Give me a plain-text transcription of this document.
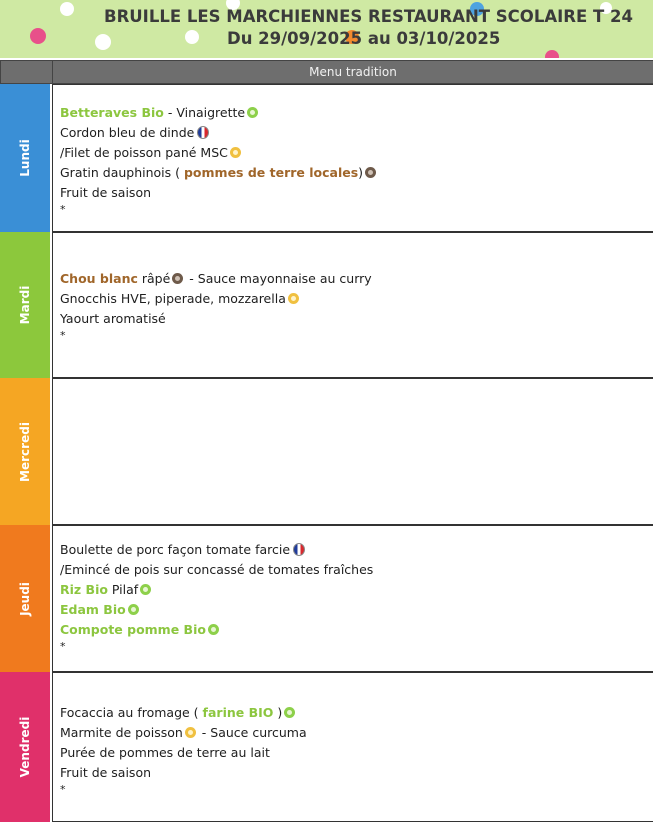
BRUILLE LES MARCHIENNES RESTAURANT SCOLAIRE T 24
Du 29/09/2025 au 03/10/2025
Menu tradition
Lundi
Betteraves Bio - Vinaigrette
Cordon bleu de dinde
/Filet de poisson pané MSC
Gratin dauphinois ( pommes de terre locales)
Fruit de saison
*
Mardi
Chou blanc râpé - Sauce mayonnaise au curry
Gnocchis HVE, piperade, mozzarella
Yaourt aromatisé
*
Mercredi
Jeudi
Boulette de porc façon tomate farcie
/Emincé de pois sur concassé de tomates fraîches
Riz Bio Pilaf
Edam Bio
Compote pomme Bio
*
Vendredi
Focaccia au fromage ( farine BIO )
Marmite de poisson - Sauce curcuma
Purée de pommes de terre au lait
Fruit de saison
*
